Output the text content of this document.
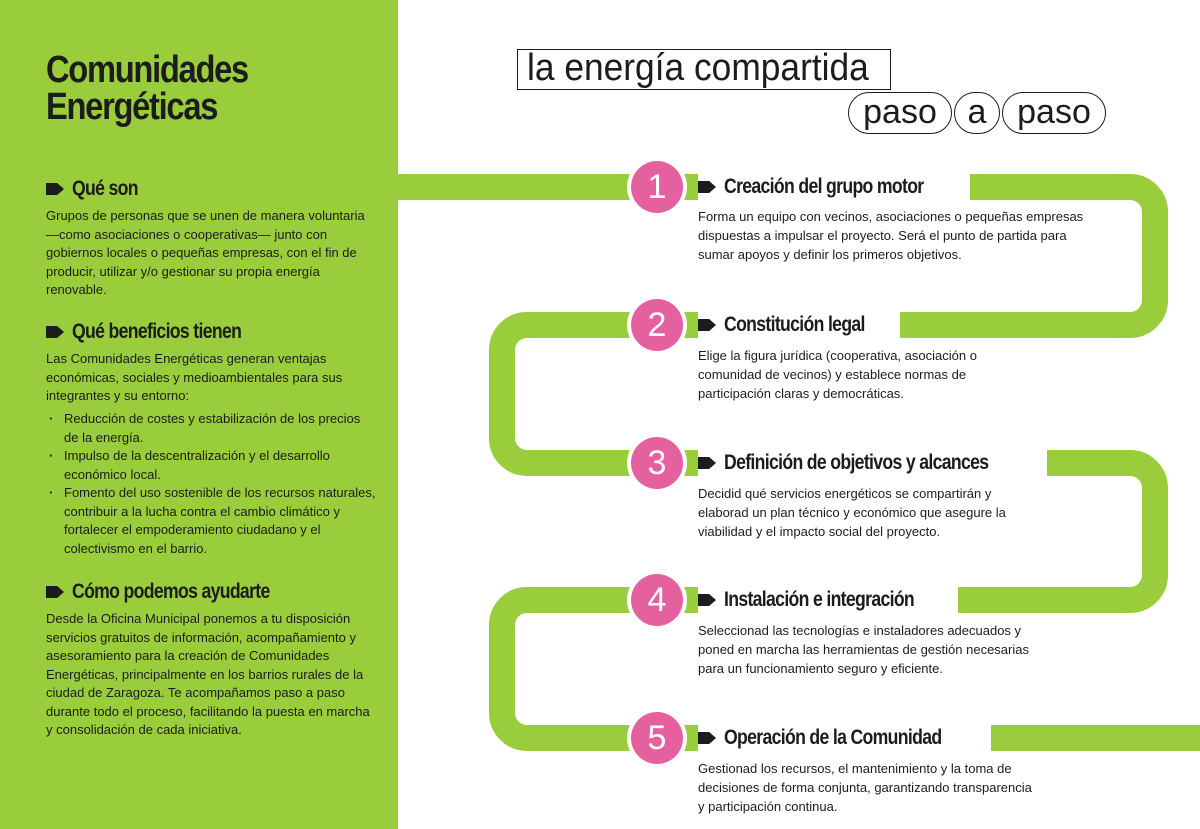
Comunidades
Energéticas
Qué son

Grupos de personas que se unen de manera voluntaria —como asociaciones o cooperativas— junto con gobiernos locales o pequeñas empresas, con el fin de producir, utilizar y/o gestionar su propia energía renovable.

Qué beneficios tienen

Las Comunidades Energéticas generan ventajas económicas, sociales y medioambientales para sus integrantes y su entorno:

· Reducción de costes y estabilización de los precios de la energía.
· Impulso de la descentralización y el desarrollo económico local.
· Fomento del uso sostenible de los recursos naturales, contribuir a la lucha contra el cambio climático y fortalecer el empoderamiento ciudadano y el colectivismo en el barrio.
Cómo podemos ayudarte

Desde la Oficina Municipal ponemos a tu disposición servicios gratuitos de información, acompañamiento y asesoramiento para la creación de Comunidades Energéticas, principalmente en los barrios rurales de la ciudad de Zaragoza. Te acompañamos paso a paso durante todo el proceso, facilitando la puesta en marcha y consolidación de cada iniciativa.

la energía compartida
paso a paso
1	Creación del grupo motor

Forma un equipo con vecinos, asociaciones o pequeñas empresas dispuestas a impulsar el proyecto. Será el punto de partida para sumar apoyos y definir los primeros objetivos.

2	Constitución legal

Elige la figura jurídica (cooperativa, asociación o comunidad de vecinos) y establece normas de participación claras y democráticas.

3	Definición de objetivos y alcances

Decidid qué servicios energéticos se compartirán y elaborad un plan técnico y económico que asegure la viabilidad y el impacto social del proyecto.

4	Instalación e integración

Seleccionad las tecnologías e instaladores adecuados y poned en marcha las herramientas de gestión necesarias para un funcionamiento seguro y eficiente.

5	Operación de la Comunidad

Gestionad los recursos, el mantenimiento y la toma de decisiones de forma conjunta, garantizando transparencia y participación continua.
